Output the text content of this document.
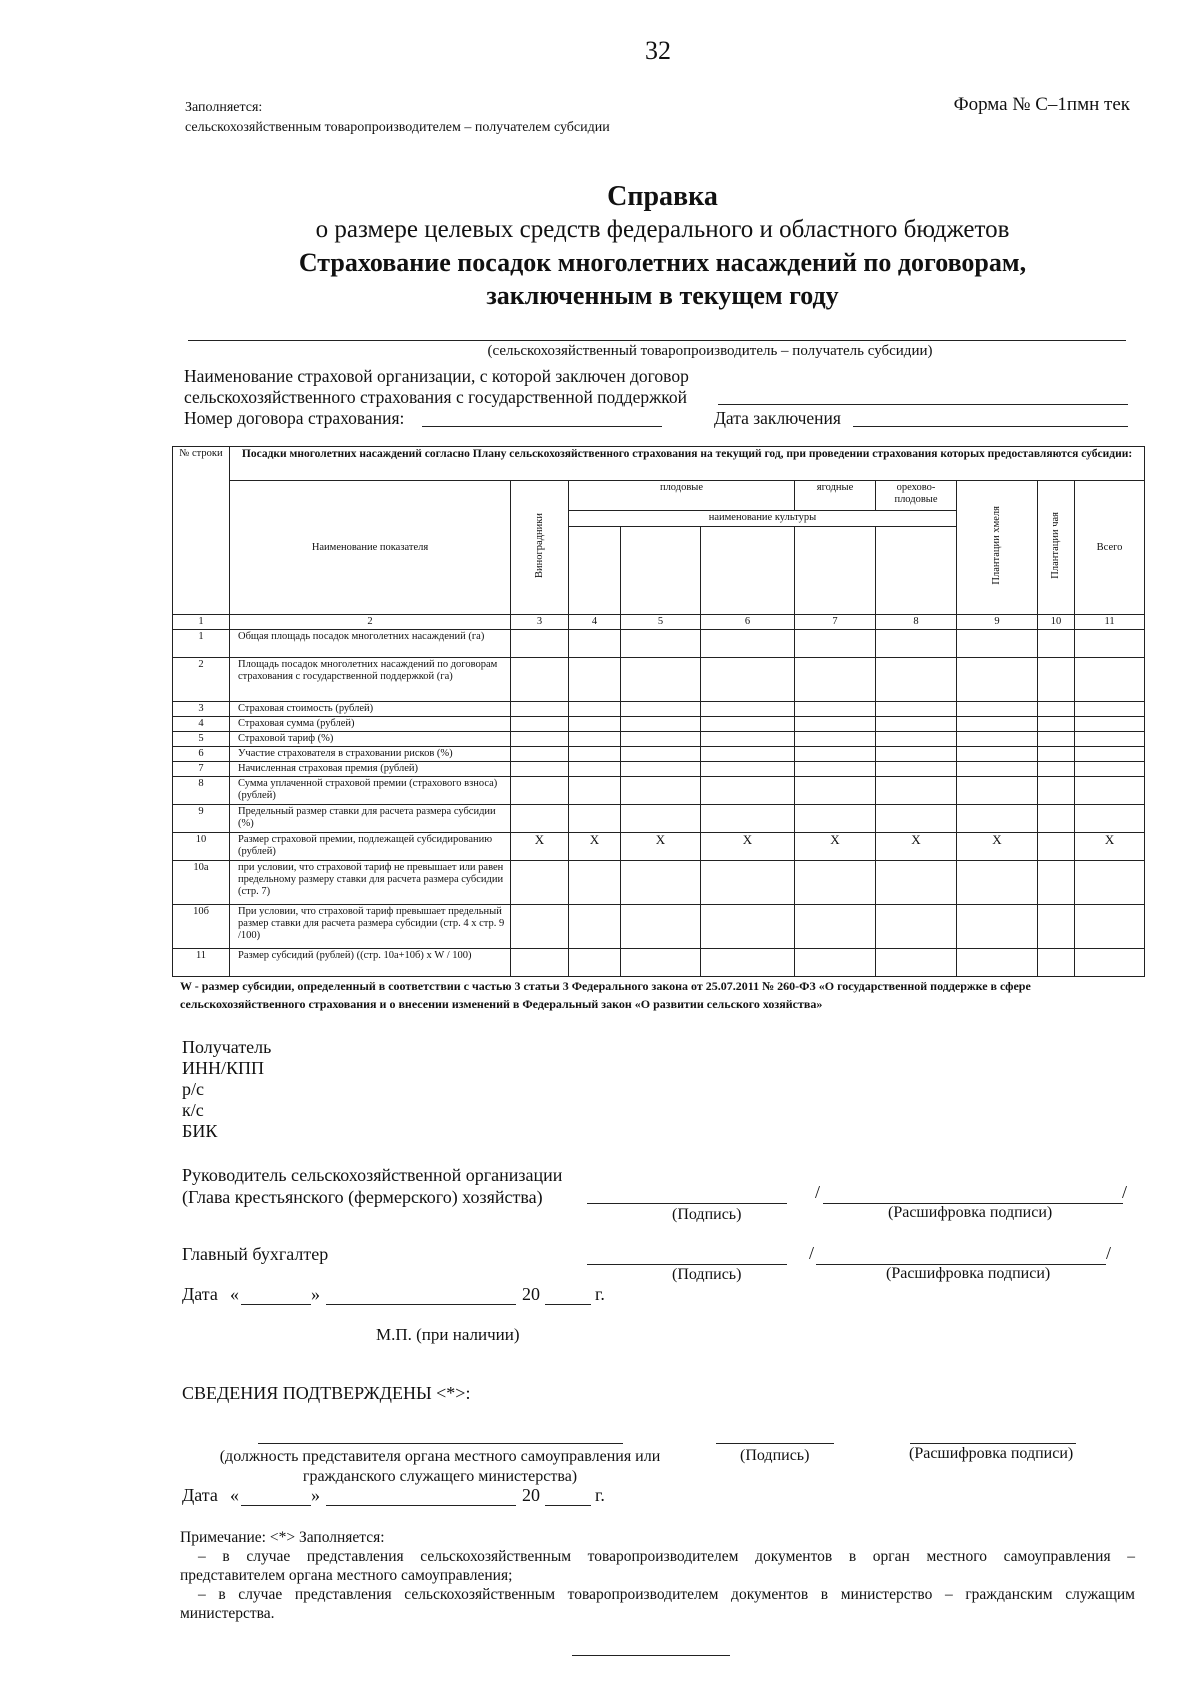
32
Заполняется:
сельскохозяйственным товаропроизводителем – получателем субсидии
Форма № С–1пмн тек
Справка
о размере целевых средств федерального и областного бюджетов
Страхование посадок многолетних насаждений по договорам,
заключенным в текущем году
(сельскохозяйственный товаропроизводитель – получатель субсидии)
Наименование страховой организации, с которой заключен договор
сельскохозяйственного страхования с государственной поддержкой
Номер договора страхования:	Дата заключения
№ строки	Посадки многолетних насаждений согласно Плану сельскохозяйственного страхования на текущий год, при проведении страхования которых предоставляются субсидии:									
	Наименование показателя	Виноградники	плодовые			ягодные	орехово-плодовые	Плантации хмеля	Плантации чая	Всего
			наименование культуры							

1	2	3	4	5	6	7	8	9	10	11
1	Общая площадь посадок многолетних насаждений (га)									
2	Площадь посадок многолетних насаждений по договорам страхования с государственной поддержкой (га)									
3	Страховая стоимость (рублей)									
4	Страховая сумма (рублей)									
5	Страховой тариф (%)									
6	Участие страхователя в страховании рисков (%)									
7	Начисленная страховая премия (рублей)									
8	Сумма уплаченной страховой премии (страхового взноса) (рублей)									
9	Предельный размер ставки для расчета размера субсидии (%)									
10	Размер страховой премии, подлежащей субсидированию (рублей)	X	X	X	X	X	X	X		X
10а	при условии, что страховой тариф не превышает или равен предельному размеру ставки для расчета размера субсидии (стр. 7)									
10б	При условии, что страховой тариф превышает предельный размер ставки для расчета размера субсидии (стр. 4 х стр. 9 /100)									
11	Размер субсидий (рублей) ((стр. 10а+10б) х W / 100)									
W - размер субсидии, определенный в соответствии с частью 3 статьи 3 Федерального закона от 25.07.2011 № 260-ФЗ «О государственной поддержке в сфере сельскохозяйственного страхования и о внесении изменений в Федеральный закон «О развитии сельского хозяйства»
Получатель
ИНН/КПП
р/с
к/с
БИК
Руководитель сельскохозяйственной организации
(Глава крестьянского (фермерского) хозяйства)	/	/
(Подпись)	(Расшифровка подписи)
Главный бухгалтер	/	/
(Подпись)	(Расшифровка подписи)
Дата «	»	20	г.
М.П. (при наличии)
СВЕДЕНИЯ ПОДТВЕРЖДЕНЫ <*>:
(должность представителя органа местного самоуправления или
гражданского служащего министерства)
(Подпись)	(Расшифровка подписи)
Дата «	»	20	г.
Примечание: <*> Заполняется:
– в случае представления сельскохозяйственным товаропроизводителем документов в орган местного самоуправления –
представителем органа местного самоуправления;
– в случае представления сельскохозяйственным товаропроизводителем документов в министерство – гражданским служащим
министерства.
